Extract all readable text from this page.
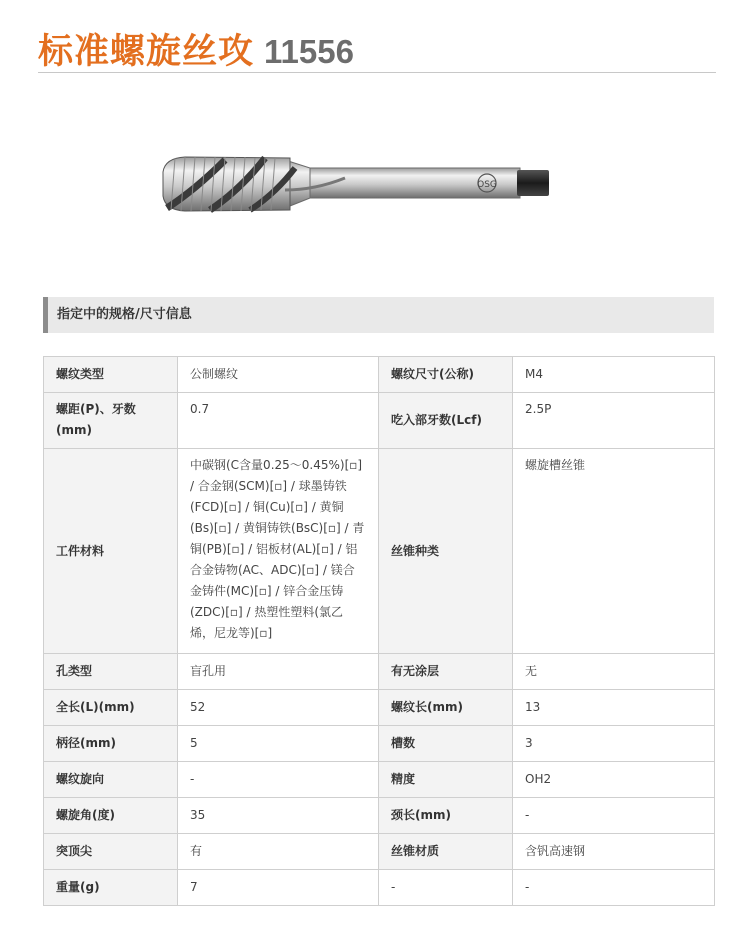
标准螺旋丝攻 11556
OSG
指定中的规格/尺寸信息
螺纹类型	公制螺纹	螺纹尺寸(公称)	M4
螺距(P)、牙数(mm)	0.7	吃入部牙数(Lcf)	2.5P
工件材料	中碳钢(C含量0.25～0.45%)[▫] / 合金钢(SCM)[▫] / 球墨铸铁(FCD)[▫] / 铜(Cu)[▫] / 黄铜(Bs)[▫] / 黄铜铸铁(BsC)[▫] / 青铜(PB)[▫] / 铝板材(AL)[▫] / 铝合金铸物(AC、ADC)[▫] / 镁合金铸件(MC)[▫] / 锌合金压铸(ZDC)[▫] / 热塑性塑料(氯乙烯，尼龙等)[▫]	丝锥种类	螺旋槽丝锥
孔类型	盲孔用	有无涂层	无
全长(L)(mm)	52	螺纹长(mm)	13
柄径(mm)	5	槽数	3
螺纹旋向	-	精度	OH2
螺旋角(度)	35	颈长(mm)	-
突顶尖	有	丝锥材质	含钒高速钢
重量(g)	7	-	-
